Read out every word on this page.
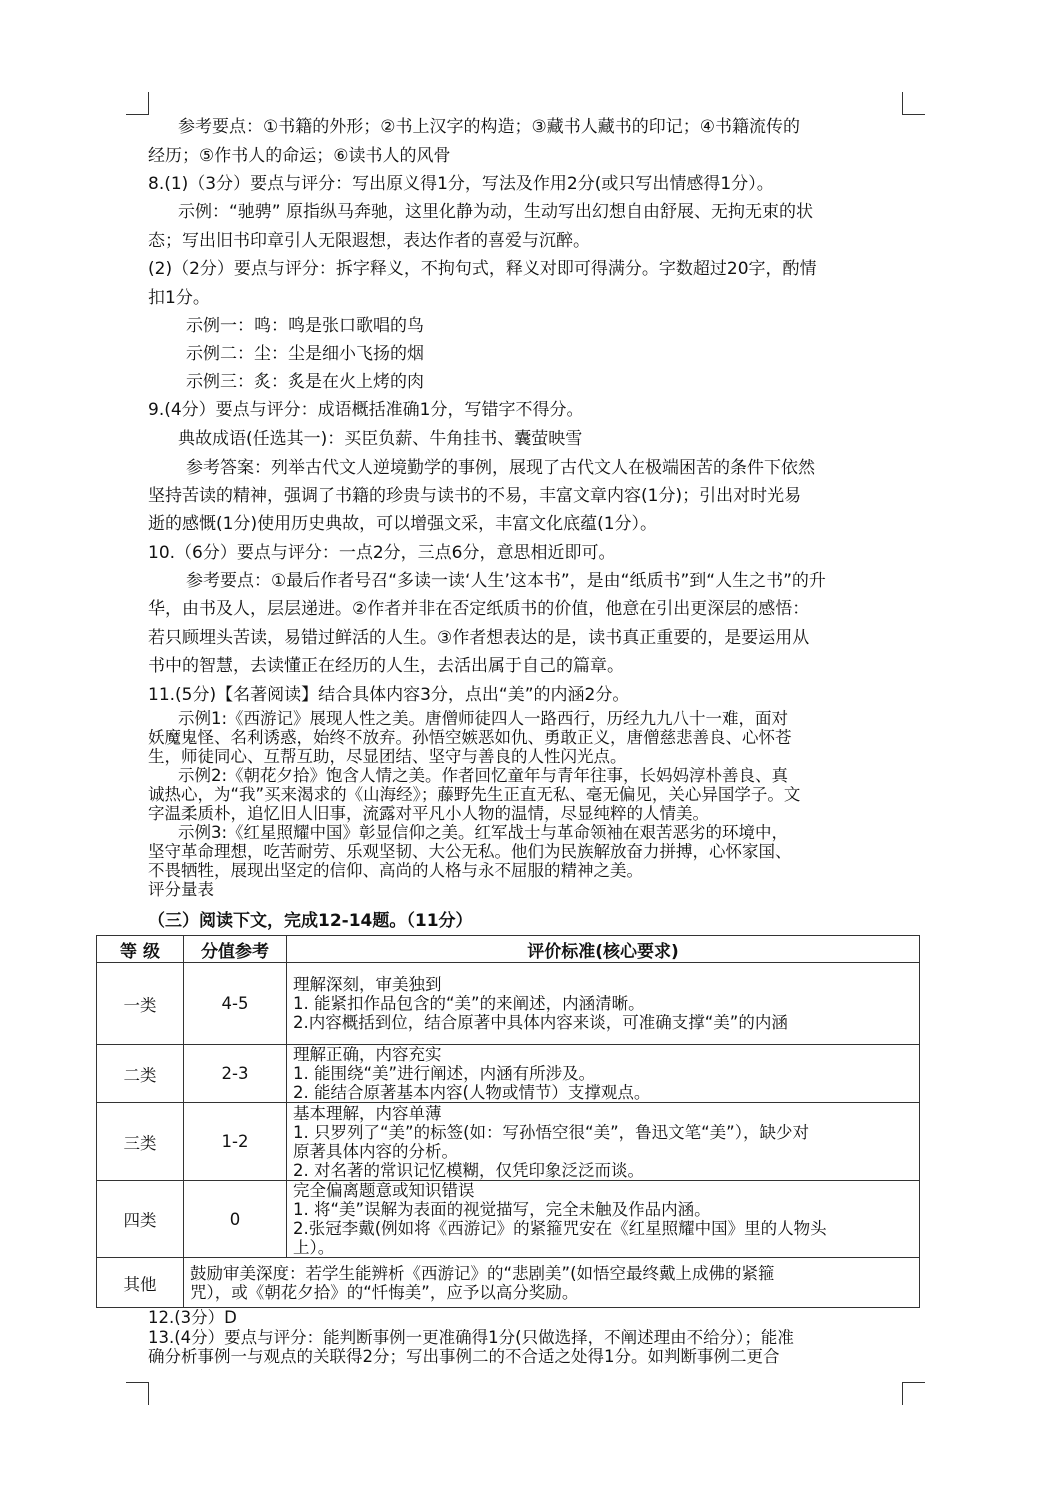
参考要点：①书籍的外形；②书上汉字的构造；③藏书人藏书的印记；④书籍流传的
经历；⑤作书人的命运；⑥读书人的风骨
8.(1)（3分）要点与评分：写出原义得1分，写法及作用2分(或只写出情感得1分）。
示例：“驰骋” 原指纵马奔驰，这里化静为动，生动写出幻想自由舒展、无拘无束的状
态；写出旧书印章引人无限遐想，表达作者的喜爱与沉醉。
(2)（2分）要点与评分：拆字释义，不拘句式，释义对即可得满分。字数超过20字，酌情
扣1分。
示例一：鸣：鸣是张口歌唱的鸟
示例二：尘：尘是细小飞扬的烟
示例三：炙：炙是在火上烤的肉
9.(4分）要点与评分：成语概括准确1分，写错字不得分。
典故成语(任选其一)：买臣负薪、牛角挂书、囊萤映雪
参考答案：列举古代文人逆境勤学的事例，展现了古代文人在极端困苦的条件下依然
坚持苦读的精神，强调了书籍的珍贵与读书的不易，丰富文章内容(1分)；引出对时光易
逝的感慨(1分)使用历史典故，可以增强文采，丰富文化底蕴(1分）。
10.（6分）要点与评分：一点2分，三点6分，意思相近即可。
参考要点：①最后作者号召“多读一读‘人生’这本书”，是由“纸质书”到“人生之书”的升
华，由书及人，层层递进。②作者并非在否定纸质书的价值，他意在引出更深层的感悟：
若只顾埋头苦读，易错过鲜活的人生。③作者想表达的是，读书真正重要的，是要运用从
书中的智慧，去读懂正在经历的人生，去活出属于自己的篇章。
11.(5分)【名著阅读】结合具体内容3分，点出“美”的内涵2分。
示例1:《西游记》展现人性之美。唐僧师徒四人一路西行，历经九九八十一难，面对
妖魔鬼怪、名利诱惑，始终不放弃。孙悟空嫉恶如仇、勇敢正义，唐僧慈悲善良、心怀苍
生，师徒同心、互帮互助，尽显团结、坚守与善良的人性闪光点。
示例2:《朝花夕拾》饱含人情之美。作者回忆童年与青年往事，长妈妈淳朴善良、真
诚热心，为“我”买来渴求的《山海经》；藤野先生正直无私、毫无偏见，关心异国学子。文
字温柔质朴，追忆旧人旧事，流露对平凡小人物的温情，尽显纯粹的人情美。
示例3:《红星照耀中国》彰显信仰之美。红军战士与革命领袖在艰苦恶劣的环境中，
坚守革命理想，吃苦耐劳、乐观坚韧、大公无私。他们为民族解放奋力拼搏，心怀家国、
不畏牺牲，展现出坚定的信仰、高尚的人格与永不屈服的精神之美。
评分量表
（三）阅读下文，完成12-14题。（11分）
等 级	分值参考	评价标准(核心要求)
一类	4-5	理解深刻，审美独到
1. 能紧扣作品包含的“美”的来阐述，内涵清晰。
2.内容概括到位，结合原著中具体内容来谈，可准确支撑“美”的内涵

二类	2-3	理解正确，内容充实
1. 能围绕“美”进行阐述，内涵有所涉及。
2. 能结合原著基本内容(人物或情节）支撑观点。

三类	1-2	基本理解，内容单薄
1. 只罗列了“美”的标签(如：写孙悟空很“美”，鲁迅文笔“美”），缺少对
原著具体内容的分析。
2. 对名著的常识记忆模糊，仅凭印象泛泛而谈。

四类	0	完全偏离题意或知识错误
1. 将“美”误解为表面的视觉描写，完全未触及作品内涵。
2.张冠李戴(例如将《西游记》的紧箍咒安在《红星照耀中国》里的人物头
上）。

其他	鼓励审美深度：若学生能辨析《西游记》的“悲剧美”(如悟空最终戴上成佛的紧箍
咒），或《朝花夕拾》的“忏悔美”，应予以高分奖励。	
12.(3分）D
13.(4分）要点与评分：能判断事例一更准确得1分(只做选择，不阐述理由不给分）；能准
确分析事例一与观点的关联得2分；写出事例二的不合适之处得1分。如判断事例二更合
